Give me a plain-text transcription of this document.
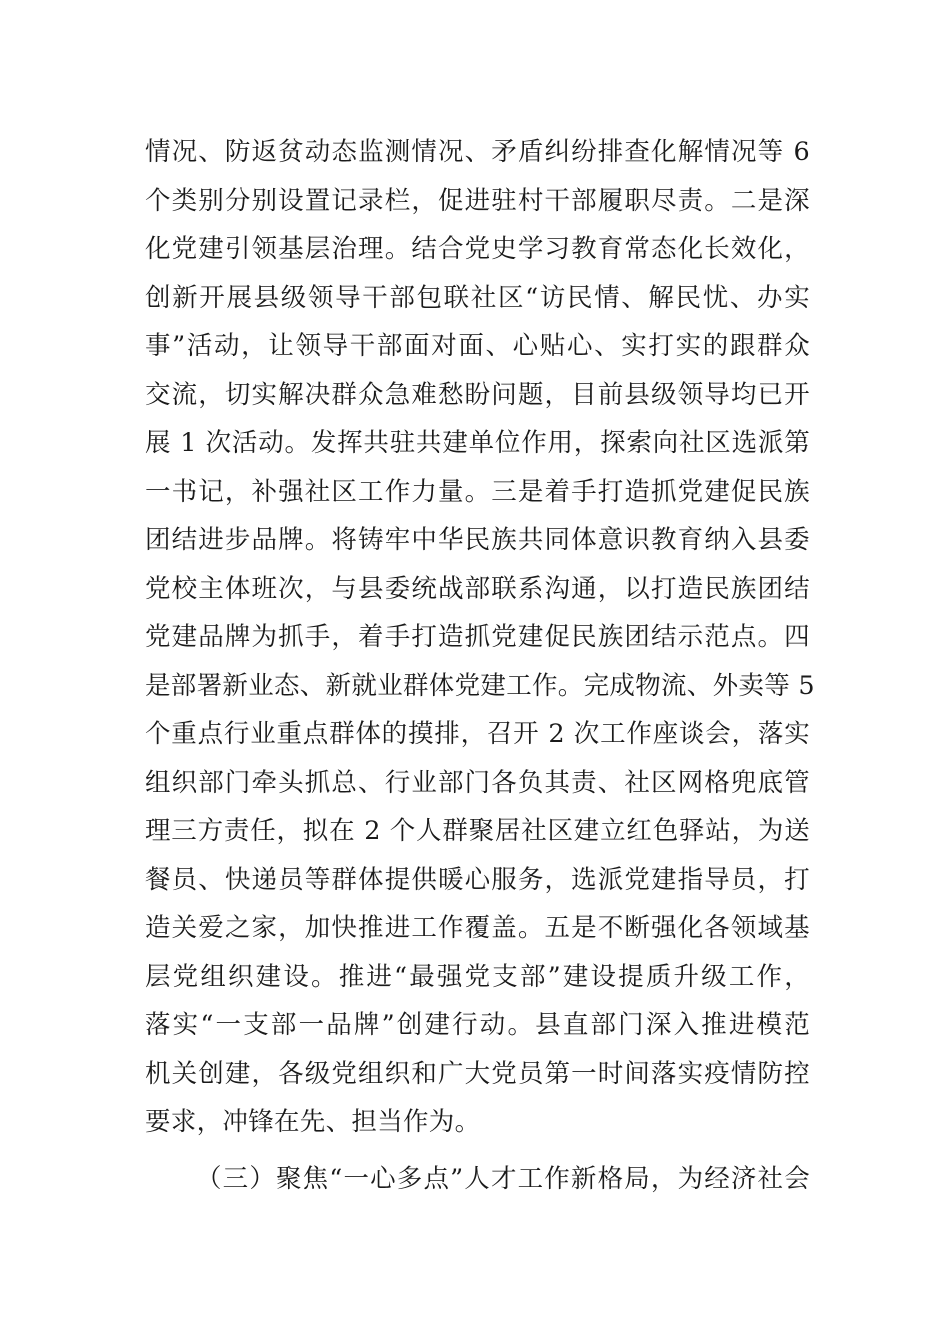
情况、防返贫动态监测情况、矛盾纠纷排查化解情况等 6
个类别分别设置记录栏，促进驻村干部履职尽责。二是深
化党建引领基层治理。结合党史学习教育常态化长效化，
创新开展县级领导干部包联社区“访民情、解民忧、办实
事”活动，让领导干部面对面、心贴心、实打实的跟群众
交流，切实解决群众急难愁盼问题，目前县级领导均已开
展 1 次活动。发挥共驻共建单位作用，探索向社区选派第
一书记，补强社区工作力量。三是着手打造抓党建促民族
团结进步品牌。将铸牢中华民族共同体意识教育纳入县委
党校主体班次，与县委统战部联系沟通，以打造民族团结
党建品牌为抓手，着手打造抓党建促民族团结示范点。四
是部署新业态、新就业群体党建工作。完成物流、外卖等 5
个重点行业重点群体的摸排，召开 2 次工作座谈会，落实
组织部门牵头抓总、行业部门各负其责、社区网格兜底管
理三方责任，拟在 2 个人群聚居社区建立红色驿站，为送
餐员、快递员等群体提供暖心服务，选派党建指导员，打
造关爱之家，加快推进工作覆盖。五是不断强化各领域基
层党组织建设。推进“最强党支部”建设提质升级工作，
落实“一支部一品牌”创建行动。县直部门深入推进模范
机关创建，各级党组织和广大党员第一时间落实疫情防控
要求，冲锋在先、担当作为。
（三）聚焦“一心多点”人才工作新格局，为经济社会
